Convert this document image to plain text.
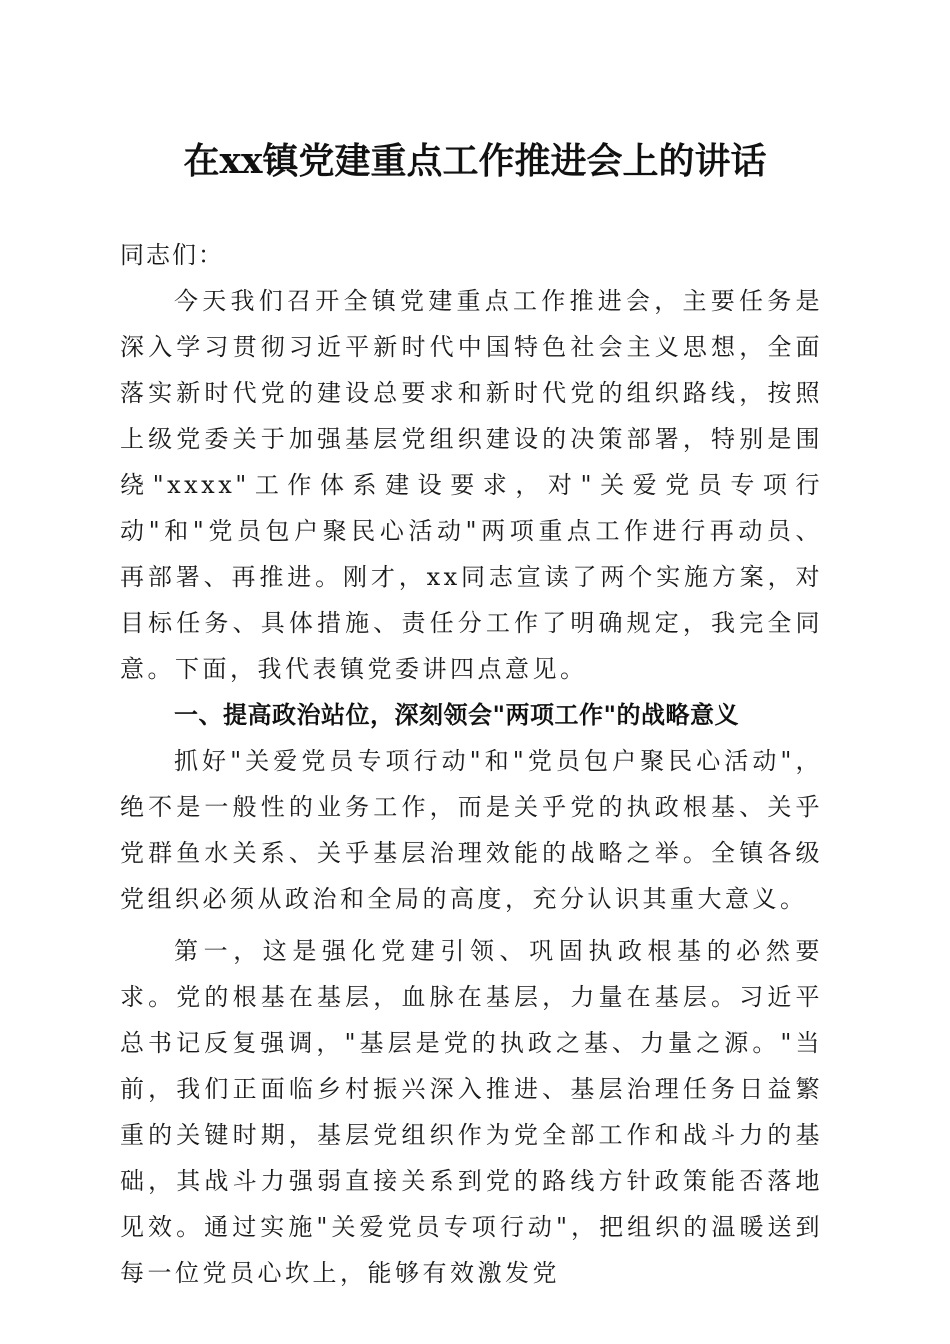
在xx镇党建重点工作推进会上的讲话

同志们：

今天我们召开全镇党建重点工作推进会，主要任务是深入学习贯彻习近平新时代中国特色社会主义思想，全面落实新时代党的建设总要求和新时代党的组织路线，按照上级党委关于加强基层党组织建设的决策部署，特别是围绕"xxxx"工作体系建设要求，对"关爱党员专项行动"和"党员包户聚民心活动"两项重点工作进行再动员、再部署、再推进。刚才，xx同志宣读了两个实施方案，对目标任务、具体措施、责任分工作了明确规定，我完全同意。下面，我代表镇党委讲四点意见。

一、提高政治站位，深刻领会"两项工作"的战略意义

抓好"关爱党员专项行动"和"党员包户聚民心活动"，绝不是一般性的业务工作，而是关乎党的执政根基、关乎党群鱼水关系、关乎基层治理效能的战略之举。全镇各级党组织必须从政治和全局的高度，充分认识其重大意义。

第一，这是强化党建引领、巩固执政根基的必然要求。党的根基在基层，血脉在基层，力量在基层。习近平总书记反复强调，"基层是党的执政之基、力量之源。"当前，我们正面临乡村振兴深入推进、基层治理任务日益繁重的关键时期，基层党组织作为党全部工作和战斗力的基础，其战斗力强弱直接关系到党的路线方针政策能否落地见效。通过实施"关爱党员专项行动"，把组织的温暖送到每一位党员心坎上，能够有效激发党
